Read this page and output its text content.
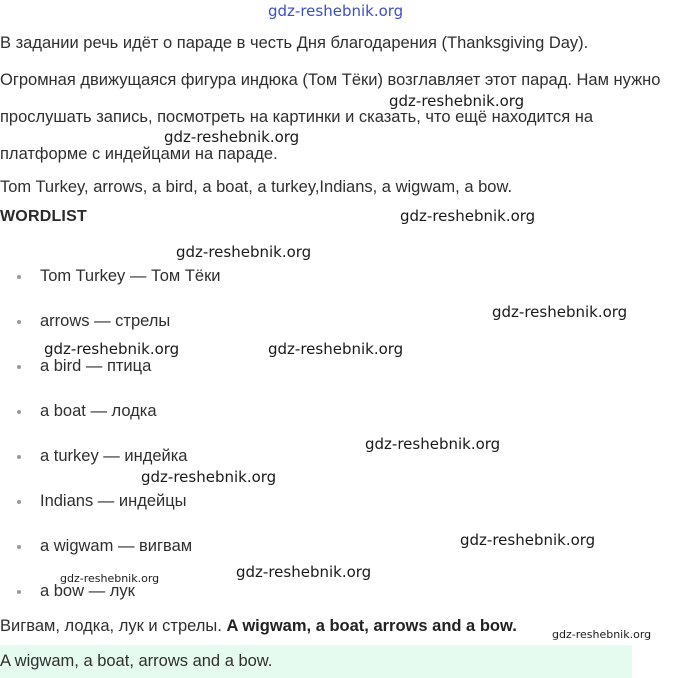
gdz-reshebnik.org

В задании речь идёт о параде в честь Дня благодарения (Thanksgiving Day).

Огромная движущаяся фигура индюка (Том Тёки) возглавляет этот парад. Нам нужно прослушать запись, посмотреть на картинки и сказать, что ещё находится на платформе с индейцами на параде.

Tom Turkey, arrows, a bird, a boat, a turkey,Indians, a wigwam, a bow.

WORDLIST
Tom Turkey — Том Тёки
arrows — стрелы
a bird — птица
a boat — лодка
a turkey — индейка
Indians — индейцы
a wigwam — вигвам
a bow — лук

Вигвам, лодка, лук и стрелы. A wigwam, a boat, arrows and a bow.

A wigwam, a boat, arrows and a bow.
gdz-reshebnik.org
gdz-reshebnik.org
gdz-reshebnik.org
gdz-reshebnik.org
gdz-reshebnik.org
gdz-reshebnik.org	gdz-reshebnik.org
gdz-reshebnik.org
gdz-reshebnik.org
gdz-reshebnik.org
gdz-reshebnik.org
gdz-reshebnik.org
gdz-reshebnik.org
